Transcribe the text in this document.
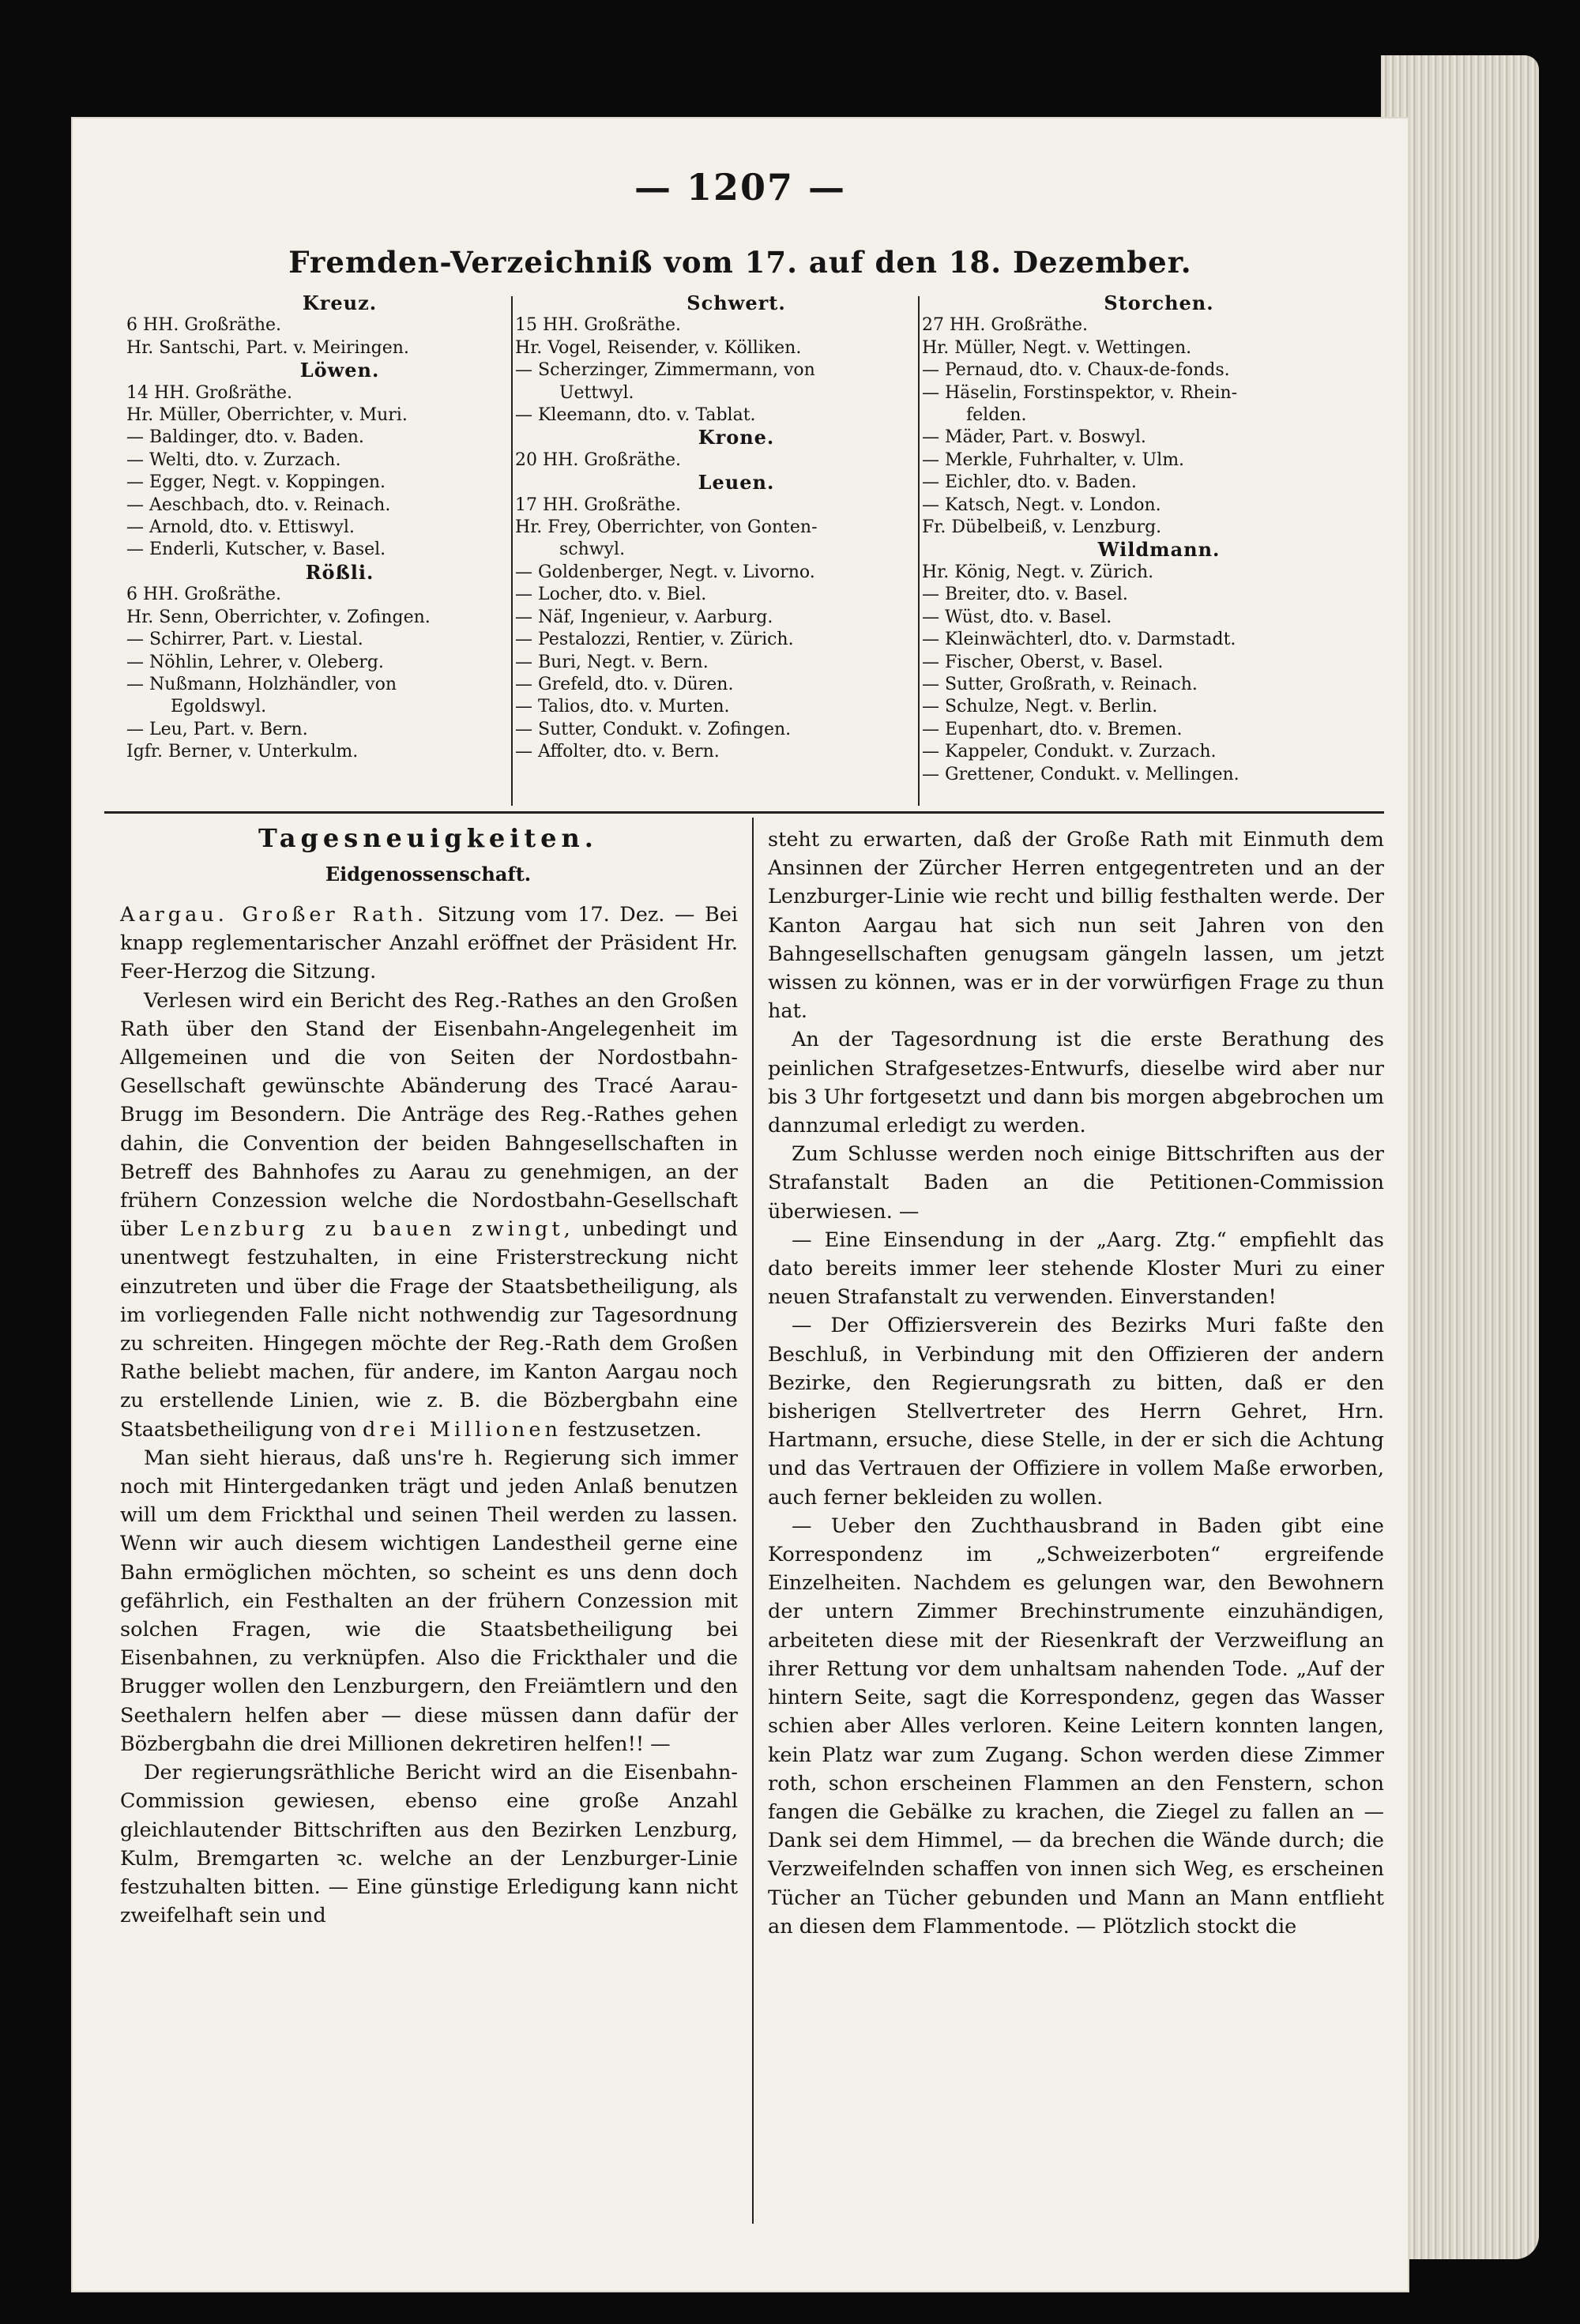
— 1207 —
Fremden-Verzeichniß vom 17. auf den 18. Dezember.
Kreuz.
6 HH. Großräthe.
Hr. Santschi, Part. v. Meiringen.
Löwen.
14 HH. Großräthe.
Hr. Müller, Oberrichter, v. Muri.
— Baldinger, dto. v. Baden.
— Welti, dto. v. Zurzach.
— Egger, Negt. v. Koppingen.
— Aeschbach, dto. v. Reinach.
— Arnold, dto. v. Ettiswyl.
— Enderli, Kutscher, v. Basel.
Rößli.
6 HH. Großräthe.
Hr. Senn, Oberrichter, v. Zofingen.
— Schirrer, Part. v. Liestal.
— Nöhlin, Lehrer, v. Oleberg.
— Nußmann, Holzhändler, von
Egoldswyl.
— Leu, Part. v. Bern.
Igfr. Berner, v. Unterkulm.
Schwert.
15 HH. Großräthe.
Hr. Vogel, Reisender, v. Kölliken.
— Scherzinger, Zimmermann, von
Uettwyl.
— Kleemann, dto. v. Tablat.
Krone.
20 HH. Großräthe.
Leuen.
17 HH. Großräthe.
Hr. Frey, Oberrichter, von Gonten-
schwyl.
— Goldenberger, Negt. v. Livorno.
— Locher, dto. v. Biel.
— Näf, Ingenieur, v. Aarburg.
— Pestalozzi, Rentier, v. Zürich.
— Buri, Negt. v. Bern.
— Grefeld, dto. v. Düren.
— Talios, dto. v. Murten.
— Sutter, Condukt. v. Zofingen.
— Affolter, dto. v. Bern.
Storchen.
27 HH. Großräthe.
Hr. Müller, Negt. v. Wettingen.
— Pernaud, dto. v. Chaux-de-fonds.
— Häselin, Forstinspektor, v. Rhein-
felden.
— Mäder, Part. v. Boswyl.
— Merkle, Fuhrhalter, v. Ulm.
— Eichler, dto. v. Baden.
— Katsch, Negt. v. London.
Fr. Dübelbeiß, v. Lenzburg.
Wildmann.
Hr. König, Negt. v. Zürich.
— Breiter, dto. v. Basel.
— Wüst, dto. v. Basel.
— Kleinwächterl, dto. v. Darmstadt.
— Fischer, Oberst, v. Basel.
— Sutter, Großrath, v. Reinach.
— Schulze, Negt. v. Berlin.
— Eupenhart, dto. v. Bremen.
— Kappeler, Condukt. v. Zurzach.
— Grettener, Condukt. v. Mellingen.
Tagesneuigkeiten.
Eidgenossenschaft.

Aargau. Großer Rath. Sitzung vom 17. Dez. — Bei knapp reglementarischer Anzahl eröffnet der Präsident Hr. Feer-Herzog die Sitzung.

Verlesen wird ein Bericht des Reg.-Rathes an den Großen Rath über den Stand der Eisenbahn-Angelegenheit im Allgemeinen und die von Seiten der Nordostbahn-Gesellschaft gewünschte Abänderung des Tracé Aarau-Brugg im Besondern. Die Anträge des Reg.-Rathes gehen dahin, die Convention der beiden Bahngesellschaften in Betreff des Bahnhofes zu Aarau zu genehmigen, an der frühern Conzession welche die Nordostbahn-Gesellschaft über Lenzburg zu bauen zwingt, unbedingt und unentwegt festzuhalten, in eine Fristerstreckung nicht einzutreten und über die Frage der Staatsbetheiligung, als im vorliegenden Falle nicht nothwendig zur Tagesordnung zu schreiten. Hingegen möchte der Reg.-Rath dem Großen Rathe beliebt machen, für andere, im Kanton Aargau noch zu erstellende Linien, wie z. B. die Bözbergbahn eine Staatsbetheiligung von drei Millionen festzusetzen.

Man sieht hieraus, daß uns're h. Regierung sich immer noch mit Hintergedanken trägt und jeden Anlaß benutzen will um dem Frickthal und seinen Theil werden zu lassen. Wenn wir auch diesem wichtigen Landestheil gerne eine Bahn ermöglichen möchten, so scheint es uns denn doch gefährlich, ein Festhalten an der frühern Conzession mit solchen Fragen, wie die Staatsbetheiligung bei Eisenbahnen, zu verknüpfen. Also die Frickthaler und die Brugger wollen den Lenzburgern, den Freiämtlern und den Seethalern helfen aber — diese müssen dann dafür der Bözbergbahn die drei Millionen dekretiren helfen!! —

Der regierungsräthliche Bericht wird an die Eisenbahn-Commission gewiesen, ebenso eine große Anzahl gleichlautender Bittschriften aus den Bezirken Lenzburg, Kulm, Bremgarten ꝛc. welche an der Lenzburger-Linie festzuhalten bitten. — Eine günstige Erledigung kann nicht zweifelhaft sein und

steht zu erwarten, daß der Große Rath mit Einmuth dem Ansinnen der Zürcher Herren entgegentreten und an der Lenzburger-Linie wie recht und billig festhalten werde. Der Kanton Aargau hat sich nun seit Jahren von den Bahngesellschaften genugsam gängeln lassen, um jetzt wissen zu können, was er in der vorwürfigen Frage zu thun hat.

An der Tagesordnung ist die erste Berathung des peinlichen Strafgesetzes-Entwurfs, dieselbe wird aber nur bis 3 Uhr fortgesetzt und dann bis morgen abgebrochen um dannzumal erledigt zu werden.

Zum Schlusse werden noch einige Bittschriften aus der Strafanstalt Baden an die Petitionen-Commission überwiesen. —

— Eine Einsendung in der „Aarg. Ztg.“ empfiehlt das dato bereits immer leer stehende Kloster Muri zu einer neuen Strafanstalt zu verwenden. Einverstanden!

— Der Offiziersverein des Bezirks Muri faßte den Beschluß, in Verbindung mit den Offizieren der andern Bezirke, den Regierungsrath zu bitten, daß er den bisherigen Stellvertreter des Herrn Gehret, Hrn. Hartmann, ersuche, diese Stelle, in der er sich die Achtung und das Vertrauen der Offiziere in vollem Maße erworben, auch ferner bekleiden zu wollen.

— Ueber den Zuchthausbrand in Baden gibt eine Korrespondenz im „Schweizerboten“ ergreifende Einzelheiten. Nachdem es gelungen war, den Bewohnern der untern Zimmer Brechinstrumente einzuhändigen, arbeiteten diese mit der Riesenkraft der Verzweiflung an ihrer Rettung vor dem unhaltsam nahenden Tode. „Auf der hintern Seite, sagt die Korrespondenz, gegen das Wasser schien aber Alles verloren. Keine Leitern konnten langen, kein Platz war zum Zugang. Schon werden diese Zimmer roth, schon erscheinen Flammen an den Fenstern, schon fangen die Gebälke zu krachen, die Ziegel zu fallen an — Dank sei dem Himmel, — da brechen die Wände durch; die Verzweifelnden schaffen von innen sich Weg, es erscheinen Tücher an Tücher gebunden und Mann an Mann entflieht an diesen dem Flammentode. — Plötzlich stockt die
